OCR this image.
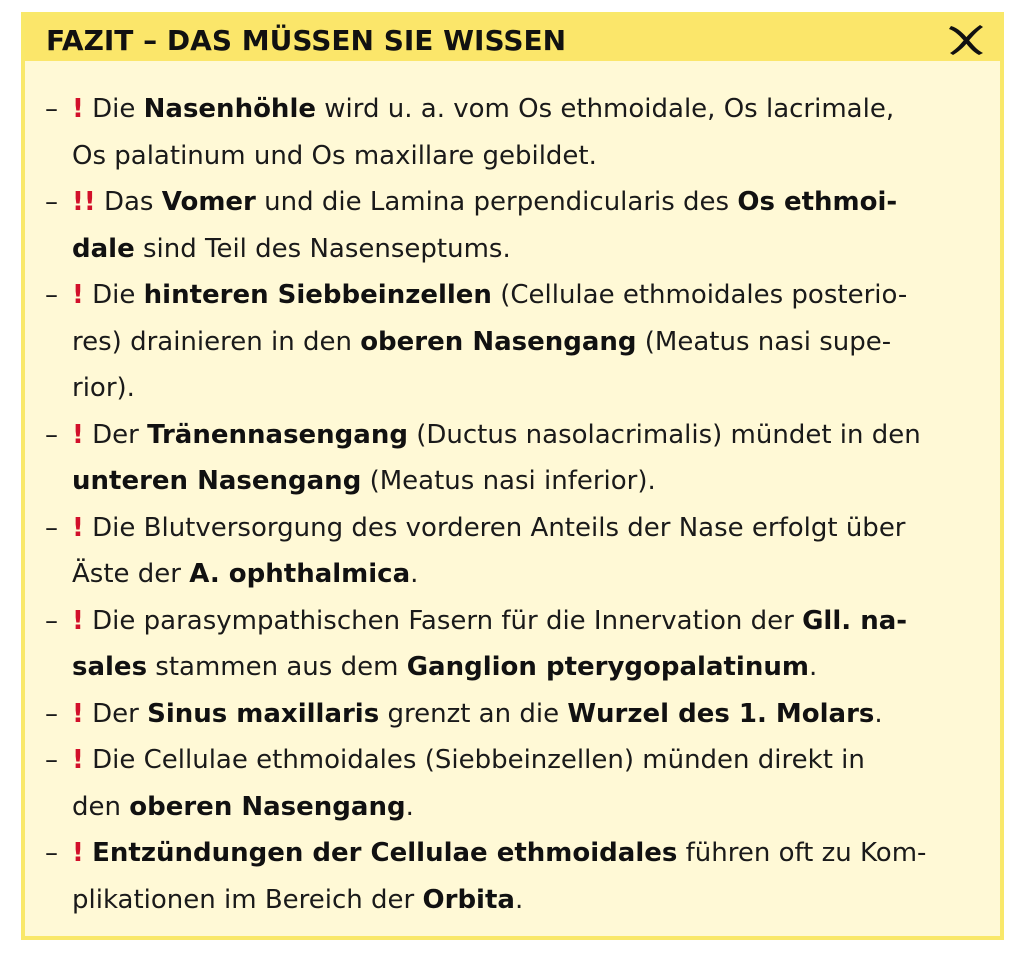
FAZIT – DAS MÜSSEN SIE WISSEN
– ! Die Nasenhöhle wird u. a. vom Os ethmoidale, Os lacrimale,
Os palatinum und Os maxillare gebildet.
– !! Das Vomer und die Lamina perpendicularis des Os ethmoi-
dale sind Teil des Nasenseptums.
– ! Die hinteren Siebbeinzellen (Cellulae ethmoidales posterio-
res) drainieren in den oberen Nasengang (Meatus nasi supe-
rior).
– ! Der Tränennasengang (Ductus nasolacrimalis) mündet in den
unteren Nasengang (Meatus nasi inferior).
– ! Die Blutversorgung des vorderen Anteils der Nase erfolgt über
Äste der A. ophthalmica.
– ! Die parasympathischen Fasern für die Innervation der Gll. na-
sales stammen aus dem Ganglion pterygopalatinum.
– ! Der Sinus maxillaris grenzt an die Wurzel des 1. Molars.
– ! Die Cellulae ethmoidales (Siebbeinzellen) münden direkt in
den oberen Nasengang.
– ! Entzündungen der Cellulae ethmoidales führen oft zu Kom-
plikationen im Bereich der Orbita.
